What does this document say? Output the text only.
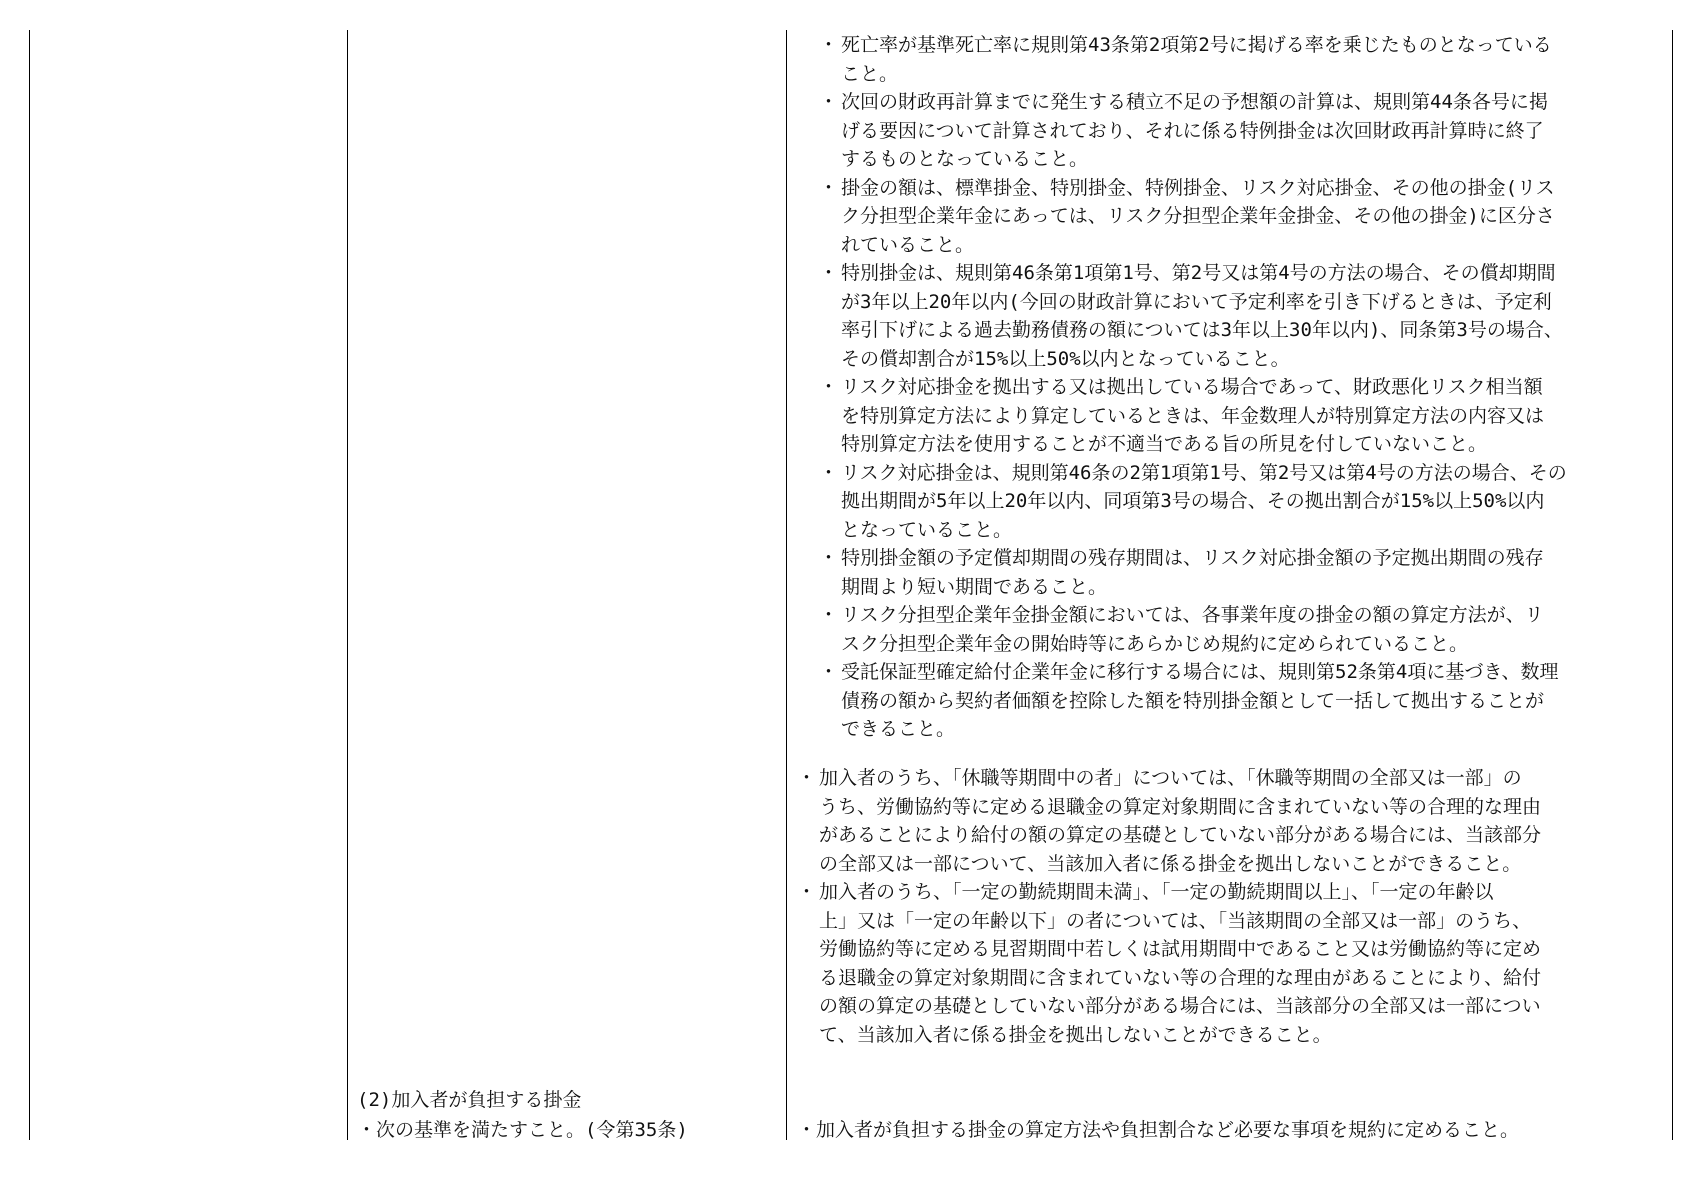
・ 死亡率が基準死亡率に規則第43条第2項第2号に掲げる率を乗じたものとなっている
こと。
・ 次回の財政再計算までに発生する積立不足の予想額の計算は、規則第44条各号に掲
げる要因について計算されており、それに係る特例掛金は次回財政再計算時に終了
するものとなっていること。
・ 掛金の額は、標準掛金、特別掛金、特例掛金、リスク対応掛金、その他の掛金(リス
ク分担型企業年金にあっては、リスク分担型企業年金掛金、その他の掛金)に区分さ
れていること。
・ 特別掛金は、規則第46条第1項第1号、第2号又は第4号の方法の場合、その償却期間
が3年以上20年以内(今回の財政計算において予定利率を引き下げるときは、予定利
率引下げによる過去勤務債務の額については3年以上30年以内)、同条第3号の場合、
その償却割合が15%以上50%以内となっていること。
・ リスク対応掛金を拠出する又は拠出している場合であって、財政悪化リスク相当額
を特別算定方法により算定しているときは、年金数理人が特別算定方法の内容又は
特別算定方法を使用することが不適当である旨の所見を付していないこと。
・ リスク対応掛金は、規則第46条の2第1項第1号、第2号又は第4号の方法の場合、その
拠出期間が5年以上20年以内、同項第3号の場合、その拠出割合が15%以上50%以内
となっていること。
・ 特別掛金額の予定償却期間の残存期間は、リスク対応掛金額の予定拠出期間の残存
期間より短い期間であること。
・ リスク分担型企業年金掛金額においては、各事業年度の掛金の額の算定方法が、リ
スク分担型企業年金の開始時等にあらかじめ規約に定められていること。
・ 受託保証型確定給付企業年金に移行する場合には、規則第52条第4項に基づき、数理
債務の額から契約者価額を控除した額を特別掛金額として一括して拠出することが
できること。
・ 加入者のうち、「休職等期間中の者」については、「休職等期間の全部又は一部」の
うち、労働協約等に定める退職金の算定対象期間に含まれていない等の合理的な理由
があることにより給付の額の算定の基礎としていない部分がある場合には、当該部分
の全部又は一部について、当該加入者に係る掛金を拠出しないことができること。
・ 加入者のうち、「一定の勤続期間未満」、「一定の勤続期間以上」、「一定の年齢以
上」又は「一定の年齢以下」の者については、「当該期間の全部又は一部」のうち、
労働協約等に定める見習期間中若しくは試用期間中であること又は労働協約等に定め
る退職金の算定対象期間に含まれていない等の合理的な理由があることにより、給付
の額の算定の基礎としていない部分がある場合には、当該部分の全部又は一部につい
て、当該加入者に係る掛金を拠出しないことができること。
(2)加入者が負担する掛金
・次の基準を満たすこと。(令第35条)	・加入者が負担する掛金の算定方法や負担割合など必要な事項を規約に定めること。
